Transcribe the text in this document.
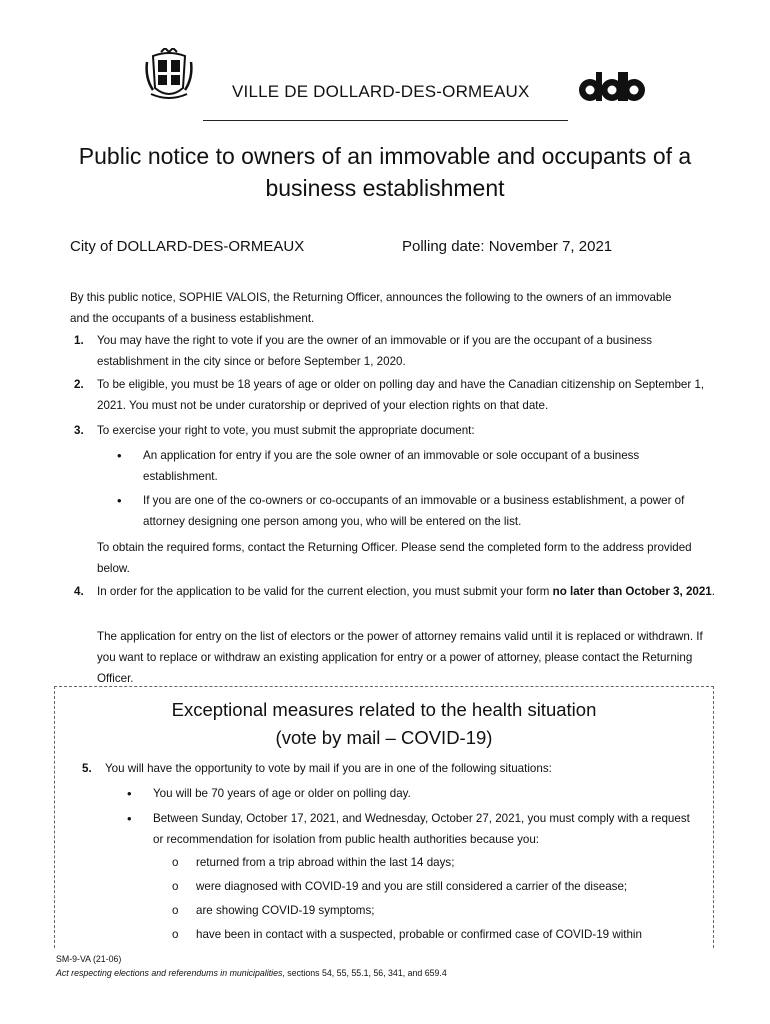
VILLE DE DOLLARD-DES-ORMEAUX
Public notice to owners of an immovable and occupants of a business establishment
City of DOLLARD-DES-ORMEAUX	Polling date: November 7, 2021
By this public notice, SOPHIE VALOIS, the Returning Officer, announces the following to the owners of an immovable and the occupants of a business establishment.
1. You may have the right to vote if you are the owner of an immovable or if you are the occupant of a business establishment in the city since or before September 1, 2020.
2. To be eligible, you must be 18 years of age or older on polling day and have the Canadian citizenship on September 1, 2021. You must not be under curatorship or deprived of your election rights on that date.
3. To exercise your right to vote, you must submit the appropriate document:
• An application for entry if you are the sole owner of an immovable or sole occupant of a business establishment.
• If you are one of the co-owners or co-occupants of an immovable or a business establishment, a power of attorney designing one person among you, who will be entered on the list.
To obtain the required forms, contact the Returning Officer. Please send the completed form to the address provided below.
4. In order for the application to be valid for the current election, you must submit your form no later than October 3, 2021.
The application for entry on the list of electors or the power of attorney remains valid until it is replaced or withdrawn. If you want to replace or withdraw an existing application for entry or a power of attorney, please contact the Returning Officer.
Exceptional measures related to the health situation
(vote by mail – COVID-19)
5. You will have the opportunity to vote by mail if you are in one of the following situations:
• You will be 70 years of age or older on polling day.
• Between Sunday, October 17, 2021, and Wednesday, October 27, 2021, you must comply with a request or recommendation for isolation from public health authorities because you:
o returned from a trip abroad within the last 14 days;
o were diagnosed with COVID-19 and you are still considered a carrier of the disease;
o are showing COVID-19 symptoms;
o have been in contact with a suspected, probable or confirmed case of COVID-19 within
SM-9-VA (21-06)
Act respecting elections and referendums in municipalities, sections 54, 55, 55.1, 56, 341, and 659.4
